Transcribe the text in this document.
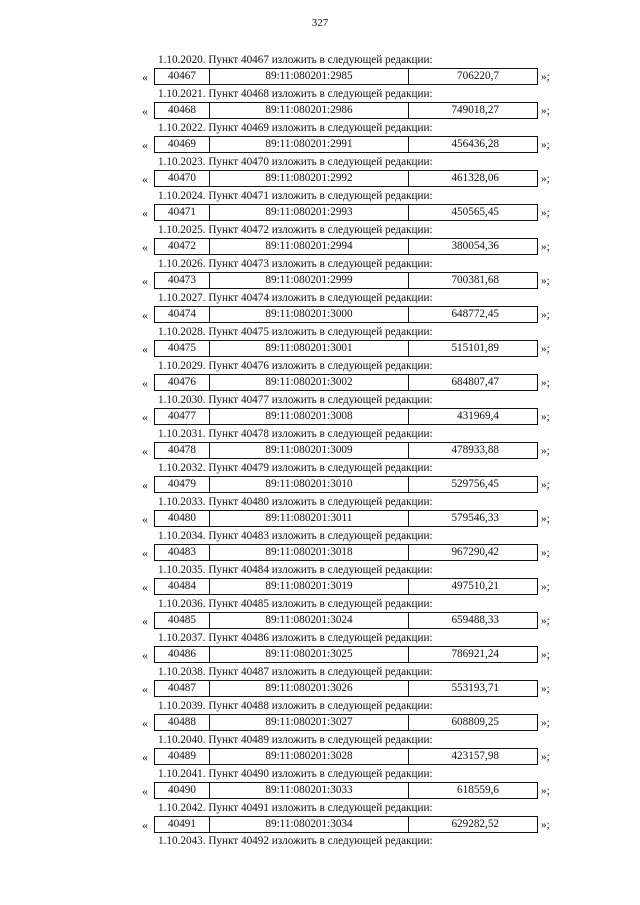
327
1.10.2020. Пункт 40467 изложить в следующей редакции:
«	40467	89:11:080201:2985	706220,7	»;
1.10.2021. Пункт 40468 изложить в следующей редакции:
«	40468	89:11:080201:2986	749018,27	»;
1.10.2022. Пункт 40469 изложить в следующей редакции:
«	40469	89:11:080201:2991	456436,28	»;
1.10.2023. Пункт 40470 изложить в следующей редакции:
«	40470	89:11:080201:2992	461328,06	»;
1.10.2024. Пункт 40471 изложить в следующей редакции:
«	40471	89:11:080201:2993	450565,45	»;
1.10.2025. Пункт 40472 изложить в следующей редакции:
«	40472	89:11:080201:2994	380054,36	»;
1.10.2026. Пункт 40473 изложить в следующей редакции:
«	40473	89:11:080201:2999	700381,68	»;
1.10.2027. Пункт 40474 изложить в следующей редакции:
«	40474	89:11:080201:3000	648772,45	»;
1.10.2028. Пункт 40475 изложить в следующей редакции:
«	40475	89:11:080201:3001	515101,89	»;
1.10.2029. Пункт 40476 изложить в следующей редакции:
«	40476	89:11:080201:3002	684807,47	»;
1.10.2030. Пункт 40477 изложить в следующей редакции:
«	40477	89:11:080201:3008	431969,4	»;
1.10.2031. Пункт 40478 изложить в следующей редакции:
«	40478	89:11:080201:3009	478933,88	»;
1.10.2032. Пункт 40479 изложить в следующей редакции:
«	40479	89:11:080201:3010	529756,45	»;
1.10.2033. Пункт 40480 изложить в следующей редакции:
«	40480	89:11:080201:3011	579546,33	»;
1.10.2034. Пункт 40483 изложить в следующей редакции:
«	40483	89:11:080201:3018	967290,42	»;
1.10.2035. Пункт 40484 изложить в следующей редакции:
«	40484	89:11:080201:3019	497510,21	»;
1.10.2036. Пункт 40485 изложить в следующей редакции:
«	40485	89:11:080201:3024	659488,33	»;
1.10.2037. Пункт 40486 изложить в следующей редакции:
«	40486	89:11:080201:3025	786921,24	»;
1.10.2038. Пункт 40487 изложить в следующей редакции:
«	40487	89:11:080201:3026	553193,71	»;
1.10.2039. Пункт 40488 изложить в следующей редакции:
«	40488	89:11:080201:3027	608809,25	»;
1.10.2040. Пункт 40489 изложить в следующей редакции:
«	40489	89:11:080201:3028	423157,98	»;
1.10.2041. Пункт 40490 изложить в следующей редакции:
«	40490	89:11:080201:3033	618559,6	»;
1.10.2042. Пункт 40491 изложить в следующей редакции:
«	40491	89:11:080201:3034	629282,52	»;
1.10.2043. Пункт 40492 изложить в следующей редакции:
